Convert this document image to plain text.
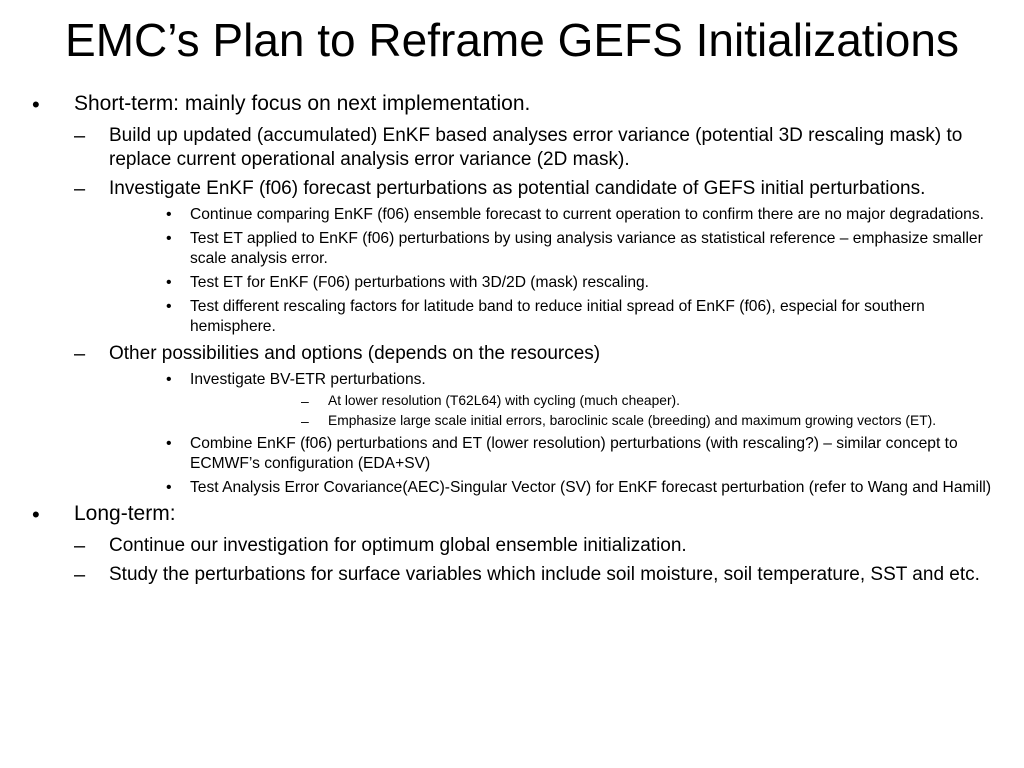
EMC’s Plan to Reframe GEFS Initializations
•	Short-term: mainly focus on next implementation.
–	Build up updated (accumulated) EnKF based analyses error variance (potential 3D rescaling mask) to replace current operational analysis error variance (2D mask).
–	Investigate EnKF (f06) forecast perturbations as potential candidate of GEFS initial perturbations.
•	Continue comparing EnKF (f06) ensemble forecast to current operation to confirm there are no major degradations.
•	Test ET applied to EnKF (f06) perturbations by using analysis variance as statistical reference – emphasize smaller scale analysis error.
•	Test ET for EnKF (F06) perturbations with 3D/2D (mask) rescaling.
•	Test different rescaling factors for latitude band to reduce initial spread of EnKF (f06), especial for southern hemisphere.
–	Other possibilities and options (depends on the resources)
•	Investigate BV-ETR perturbations.
–	At lower resolution (T62L64) with cycling (much cheaper).
–	Emphasize large scale initial errors, baroclinic scale (breeding) and maximum growing vectors (ET).
•	Combine EnKF (f06) perturbations and ET (lower resolution) perturbations (with rescaling?) – similar concept to ECMWF’s configuration (EDA+SV)
•	Test Analysis Error Covariance(AEC)-Singular Vector (SV) for EnKF forecast perturbation (refer to Wang and Hamill)
•	Long-term:
–	Continue our investigation for optimum global ensemble initialization.
–	Study the perturbations for surface variables which include soil moisture, soil temperature, SST and etc.
